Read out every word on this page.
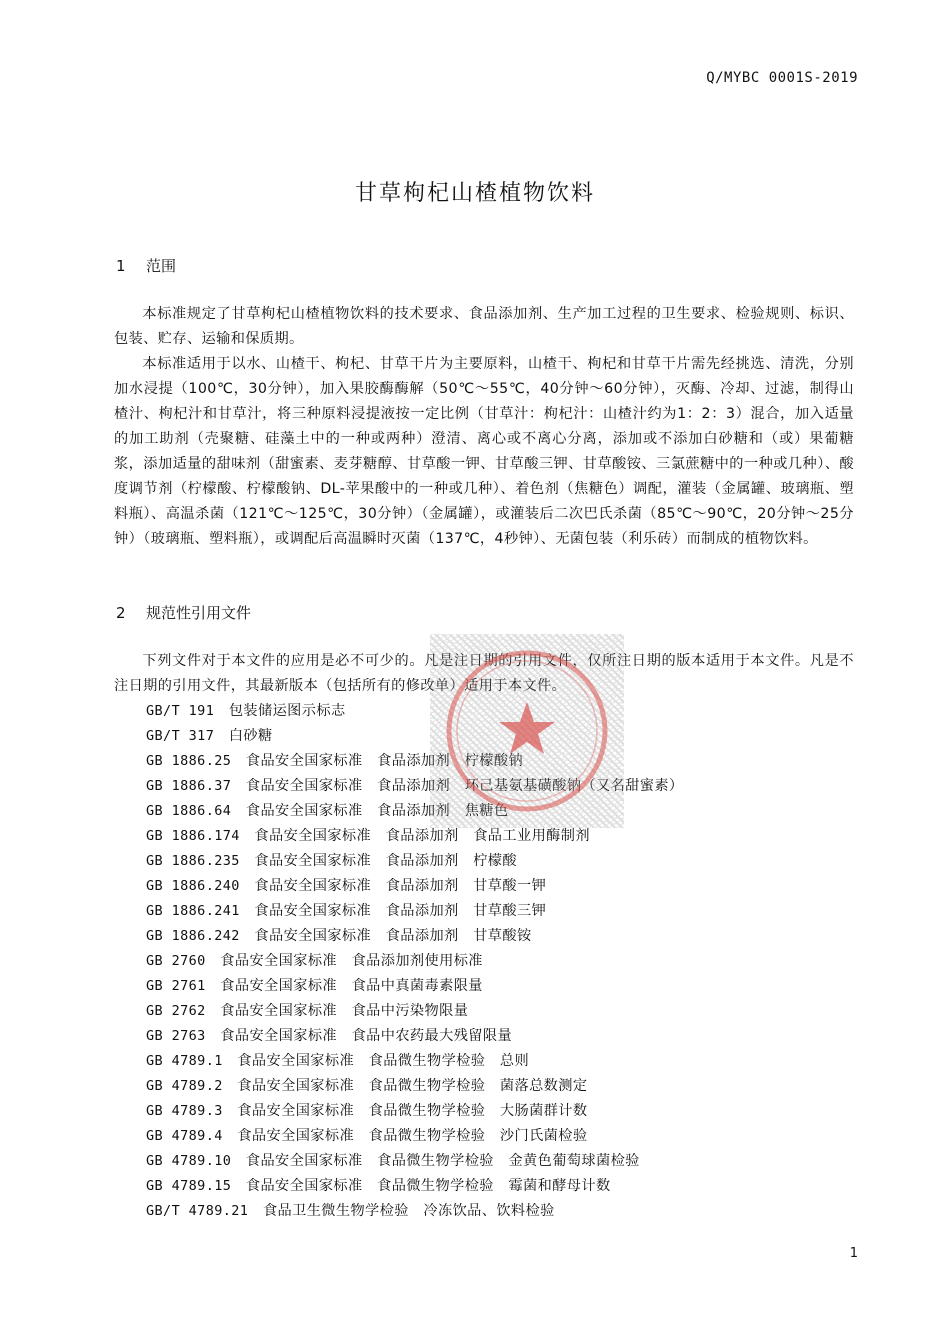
Q/MYBC 0001S-2019
甘草枸杞山楂植物饮料
1 范围

本标准规定了甘草枸杞山楂植物饮料的技术要求、食品添加剂、生产加工过程的卫生要求、检验规则、标识、包装、贮存、运输和保质期。

本标准适用于以水、山楂干、枸杞、甘草干片为主要原料，山楂干、枸杞和甘草干片需先经挑选、清洗，分别加水浸提（100℃，30分钟），加入果胶酶酶解（50℃～55℃，40分钟～60分钟），灭酶、冷却、过滤，制得山楂汁、枸杞汁和甘草汁，将三种原料浸提液按一定比例（甘草汁：枸杞汁：山楂汁约为1：2：3）混合，加入适量的加工助剂（壳聚糖、硅藻土中的一种或两种）澄清、离心或不离心分离，添加或不添加白砂糖和（或）果葡糖浆，添加适量的甜味剂（甜蜜素、麦芽糖醇、甘草酸一钾、甘草酸三钾、甘草酸铵、三氯蔗糖中的一种或几种）、酸度调节剂（柠檬酸、柠檬酸钠、DL-苹果酸中的一种或几种）、着色剂（焦糖色）调配，灌装（金属罐、玻璃瓶、塑料瓶）、高温杀菌（121℃～125℃，30分钟）（金属罐），或灌装后二次巴氏杀菌（85℃～90℃，20分钟～25分钟）（玻璃瓶、塑料瓶），或调配后高温瞬时灭菌（137℃，4秒钟）、无菌包装（利乐砖）而制成的植物饮料。

2 规范性引用文件

下列文件对于本文件的应用是必不可少的。凡是注日期的引用文件，仅所注日期的版本适用于本文件。凡是不注日期的引用文件，其最新版本（包括所有的修改单）适用于本文件。

GB/T 191　 包装储运图示标志
GB/T 317　 白砂糖
GB 1886.25　 食品安全国家标准　食品添加剂　柠檬酸钠
GB 1886.37　 食品安全国家标准　食品添加剂　环己基氨基磺酸钠（又名甜蜜素）
GB 1886.64　 食品安全国家标准　食品添加剂　焦糖色
GB 1886.174　 食品安全国家标准　食品添加剂　食品工业用酶制剂
GB 1886.235　 食品安全国家标准　食品添加剂　柠檬酸
GB 1886.240　 食品安全国家标准　食品添加剂　甘草酸一钾
GB 1886.241　 食品安全国家标准　食品添加剂　甘草酸三钾
GB 1886.242　 食品安全国家标准　食品添加剂　甘草酸铵
GB 2760　 食品安全国家标准　食品添加剂使用标准
GB 2761　 食品安全国家标准　食品中真菌毒素限量
GB 2762　 食品安全国家标准　食品中污染物限量
GB 2763　 食品安全国家标准　食品中农药最大残留限量
GB 4789.1　 食品安全国家标准　食品微生物学检验　总则
GB 4789.2　 食品安全国家标准　食品微生物学检验　菌落总数测定
GB 4789.3　 食品安全国家标准　食品微生物学检验　大肠菌群计数
GB 4789.4　 食品安全国家标准　食品微生物学检验　沙门氏菌检验
GB 4789.10　 食品安全国家标准　食品微生物学检验　金黄色葡萄球菌检验
GB 4789.15　 食品安全国家标准　食品微生物学检验　霉菌和酵母计数
GB/T 4789.21　 食品卫生微生物学检验　冷冻饮品、饮料检验
1
